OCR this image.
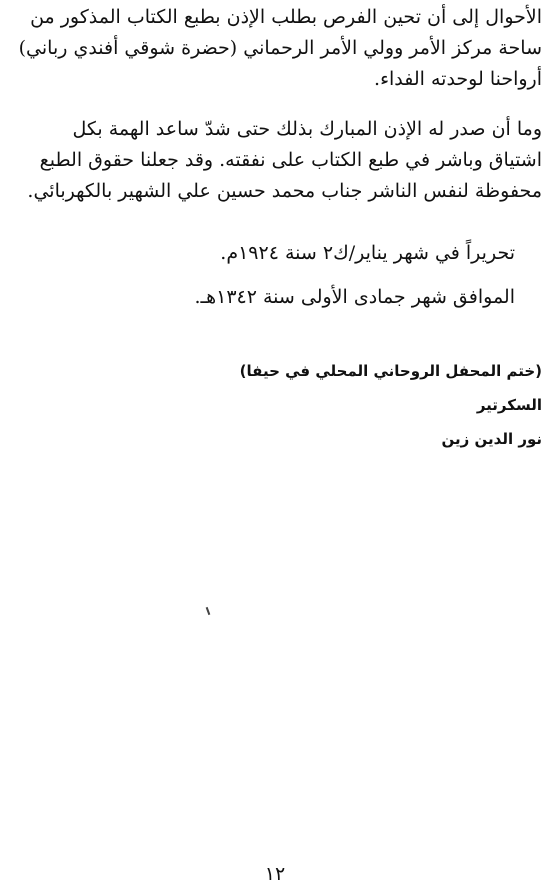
الأحوال إلى أن تحين الفرص بطلب الإذن بطبع الكتاب المذكور من
ساحة مركز الأمر وولي الأمر الرحماني (حضرة شوقي أفندي رباني)
أرواحنا لوحدته الفداء.

وما أن صدر له الإذن المبارك بذلك حتى شدّ ساعد الهمة بكل
اشتياق وباشر في طبع الكتاب على نفقته. وقد جعلنا حقوق الطبع
محفوظة لنفس الناشر جناب محمد حسين علي الشهير بالكهربائي.

تحريراً في شهر يناير/ك٢ سنة ١٩٢٤م.

الموافق شهر جمادى الأولى سنة ١٣٤٢هـ.

(ختم المحفل الروحاني المحلي في حيفا)

السكرتير

نور الدين زين

١٢
